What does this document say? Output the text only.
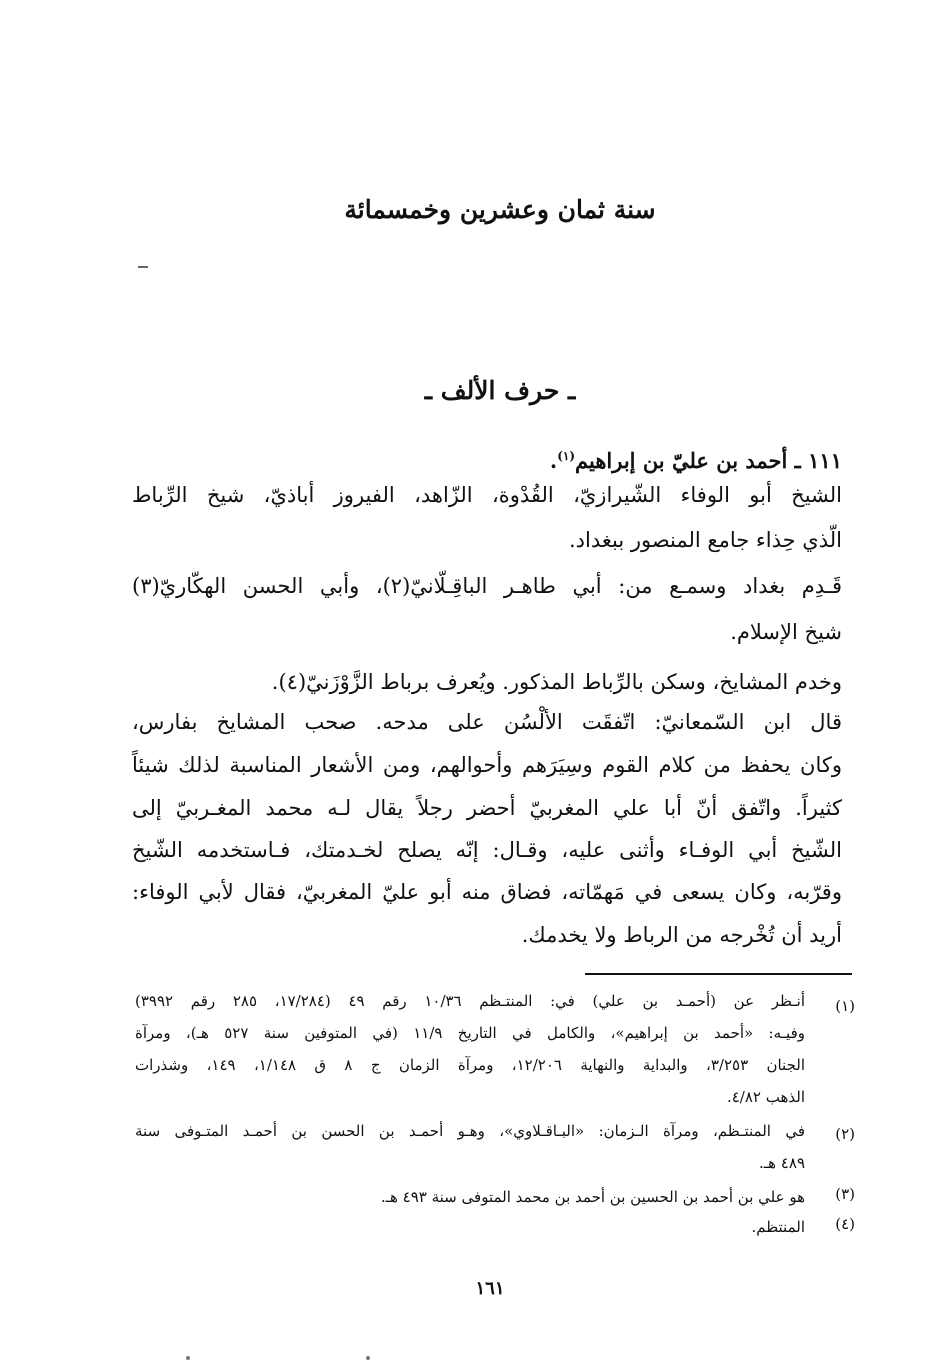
سنة ثمان وعشرين وخمسمائة
ـ حرف الألف ـ
١١١ ـ أحمد بن عليّ بن إبراهيم$^{(١)}$.
الشيخ أبو الوفاء الشّيرازيّ، القُدْوة، الزّاهد، الفيروز أباذيّ، شيخ الرِّباط
الّذي حِذاء جامع المنصور ببغداد.
قَـدِم بغداد وسمـع من: أبي طاهـر الباقِـلّانيّ(٢)، وأبي الحسن الهكّاريّ(٣)
شيخ الإسلام.
وخدم المشايخ، وسكن بالرِّباط المذكور. ويُعرف برباط الزَّوْزَنيّ(٤).
قال ابن السّمعانيّ: اتّفقَت الألْسُن على مدحه. صحب المشايخ بفارس،
وكان يحفظ من كلام القوم وسِيَرَهم وأحوالهم، ومن الأشعار المناسبة لذلك شيئاً
كثيراً. واتّفق أنّ أبا علي المغربيّ أحضر رجلاً يقال لـه محمد المغـربيّ إلى
الشّيخ أبي الوفـاء وأثنى عليه، وقـال: إنّه يصلح لخـدمتك، فـاستخدمه الشّيخ
وقرّبه، وكان يسعى في مَهمّاته، فضاق منه أبو عليّ المغربيّ، فقال لأبي الوفاء:
أريد أن تُخْرجه من الرباط ولا يخدمك.
(١)
أنـظر عن (أحمـد بن علي) في: المنتـظم ١٠/٣٦ رقم ٤٩ (١٧/٢٨٤، ٢٨٥ رقم ٣٩٩٢)
وفيـه: «أحمد بن إبراهيم»، والكامل في التاريخ ١١/٩ (في المتوفين سنة ٥٢٧ هـ)، ومرآة
الجنان ٣/٢٥٣، والبداية والنهاية ١٢/٢٠٦، ومرآة الزمان ج ٨ ق ١/١٤٨، ١٤٩، وشذرات
الذهب ٤/٨٢.
(٢)
في المنتـظم، ومرآة الـزمان: «البـاقـلاوي»، وهـو أحمـد بن الحسن بن أحمـد المتـوفى سنة
٤٨٩ هـ.
(٣)
هو علي بن أحمد بن الحسين بن أحمد بن محمد المتوفى سنة ٤٩٣ هـ.
(٤)
المنتظم.
١٦١
